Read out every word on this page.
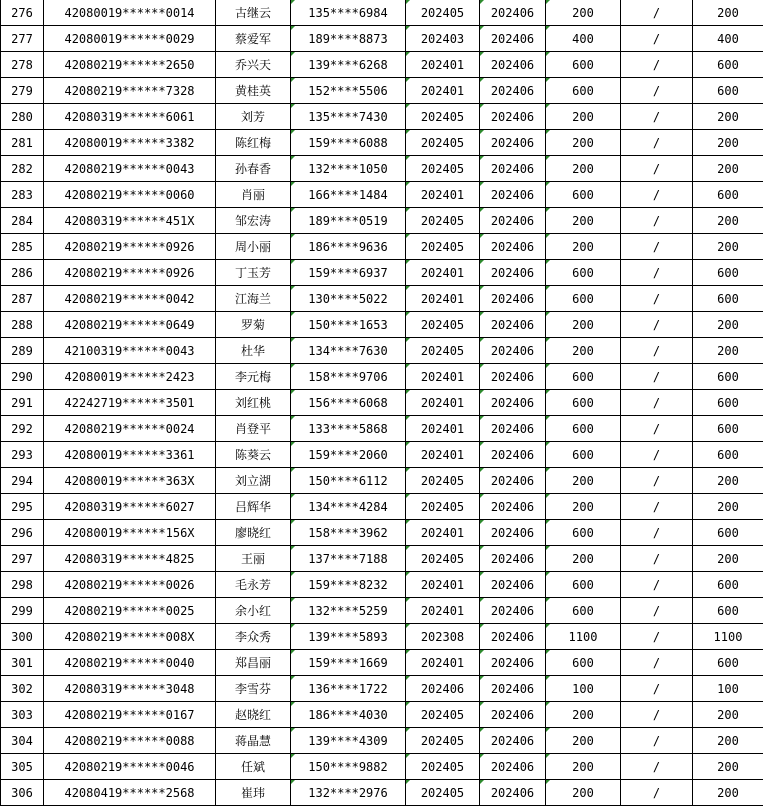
276	42080019******0014	古继云	135****6984	202405	202406	200	/	200
277	42080019******0029	蔡爱军	189****8873	202403	202406	400	/	400
278	42080219******2650	乔兴天	139****6268	202401	202406	600	/	600
279	42080219******7328	黄桂英	152****5506	202401	202406	600	/	600
280	42080319******6061	刘芳	135****7430	202405	202406	200	/	200
281	42080019******3382	陈红梅	159****6088	202405	202406	200	/	200
282	42080219******0043	孙春香	132****1050	202405	202406	200	/	200
283	42080219******0060	肖丽	166****1484	202401	202406	600	/	600
284	42080319******451X	邹宏涛	189****0519	202405	202406	200	/	200
285	42080219******0926	周小丽	186****9636	202405	202406	200	/	200
286	42080219******0926	丁玉芳	159****6937	202401	202406	600	/	600
287	42080219******0042	江海兰	130****5022	202401	202406	600	/	600
288	42080219******0649	罗菊	150****1653	202405	202406	200	/	200
289	42100319******0043	杜华	134****7630	202405	202406	200	/	200
290	42080019******2423	李元梅	158****9706	202401	202406	600	/	600
291	42242719******3501	刘红桃	156****6068	202401	202406	600	/	600
292	42080219******0024	肖登平	133****5868	202401	202406	600	/	600
293	42080019******3361	陈葵云	159****2060	202401	202406	600	/	600
294	42080019******363X	刘立湖	150****6112	202405	202406	200	/	200
295	42080319******6027	吕辉华	134****4284	202405	202406	200	/	200
296	42080019******156X	廖晓红	158****3962	202401	202406	600	/	600
297	42080319******4825	王丽	137****7188	202405	202406	200	/	200
298	42080219******0026	毛永芳	159****8232	202401	202406	600	/	600
299	42080219******0025	余小红	132****5259	202401	202406	600	/	600
300	42080219******008X	李众秀	139****5893	202308	202406	1100	/	1100
301	42080219******0040	郑昌丽	159****1669	202401	202406	600	/	600
302	42080319******3048	李雪芬	136****1722	202406	202406	100	/	100
303	42080219******0167	赵晓红	186****4030	202405	202406	200	/	200
304	42080219******0088	蒋晶慧	139****4309	202405	202406	200	/	200
305	42080219******0046	任斌	150****9882	202405	202406	200	/	200
306	42080419******2568	崔玮	132****2976	202405	202406	200	/	200
